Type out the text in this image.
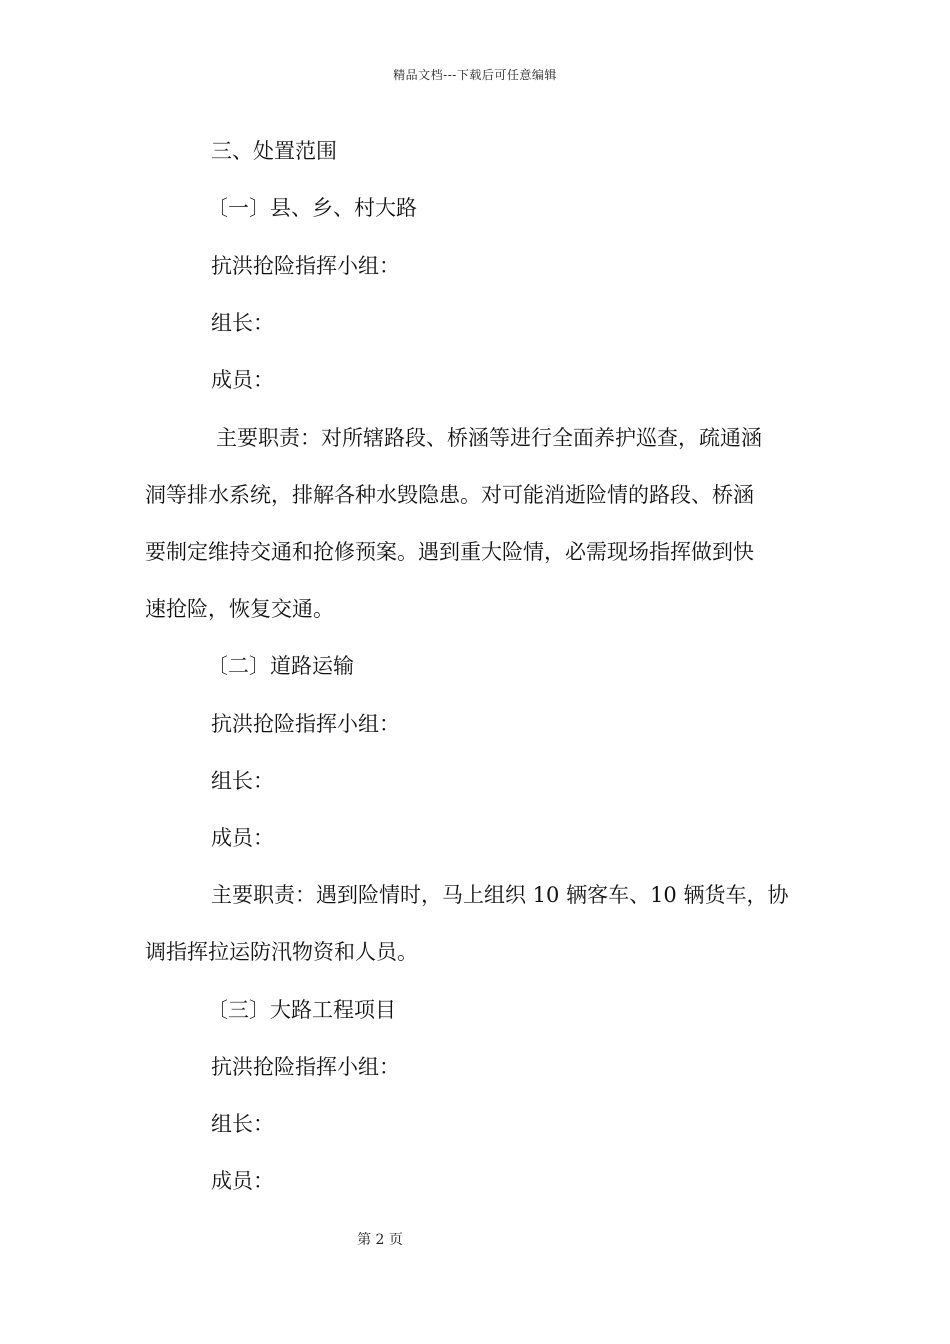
精品文档---下载后可任意编辑
三、处置范围
〔一〕县、乡、村大路
抗洪抢险指挥小组：
组长：
成员：
主要职责：对所辖路段、桥涵等进行全面养护巡查，疏通涵
洞等排水系统，排解各种水毁隐患。对可能消逝险情的路段、桥涵
要制定维持交通和抢修预案。遇到重大险情，必需现场指挥做到快
速抢险，恢复交通。
〔二〕道路运输
抗洪抢险指挥小组：
组长：
成员：
主要职责：遇到险情时，马上组织 10 辆客车、10 辆货车，协
调指挥拉运防汛物资和人员。
〔三〕大路工程项目
抗洪抢险指挥小组：
组长：
成员：
第 2 页
